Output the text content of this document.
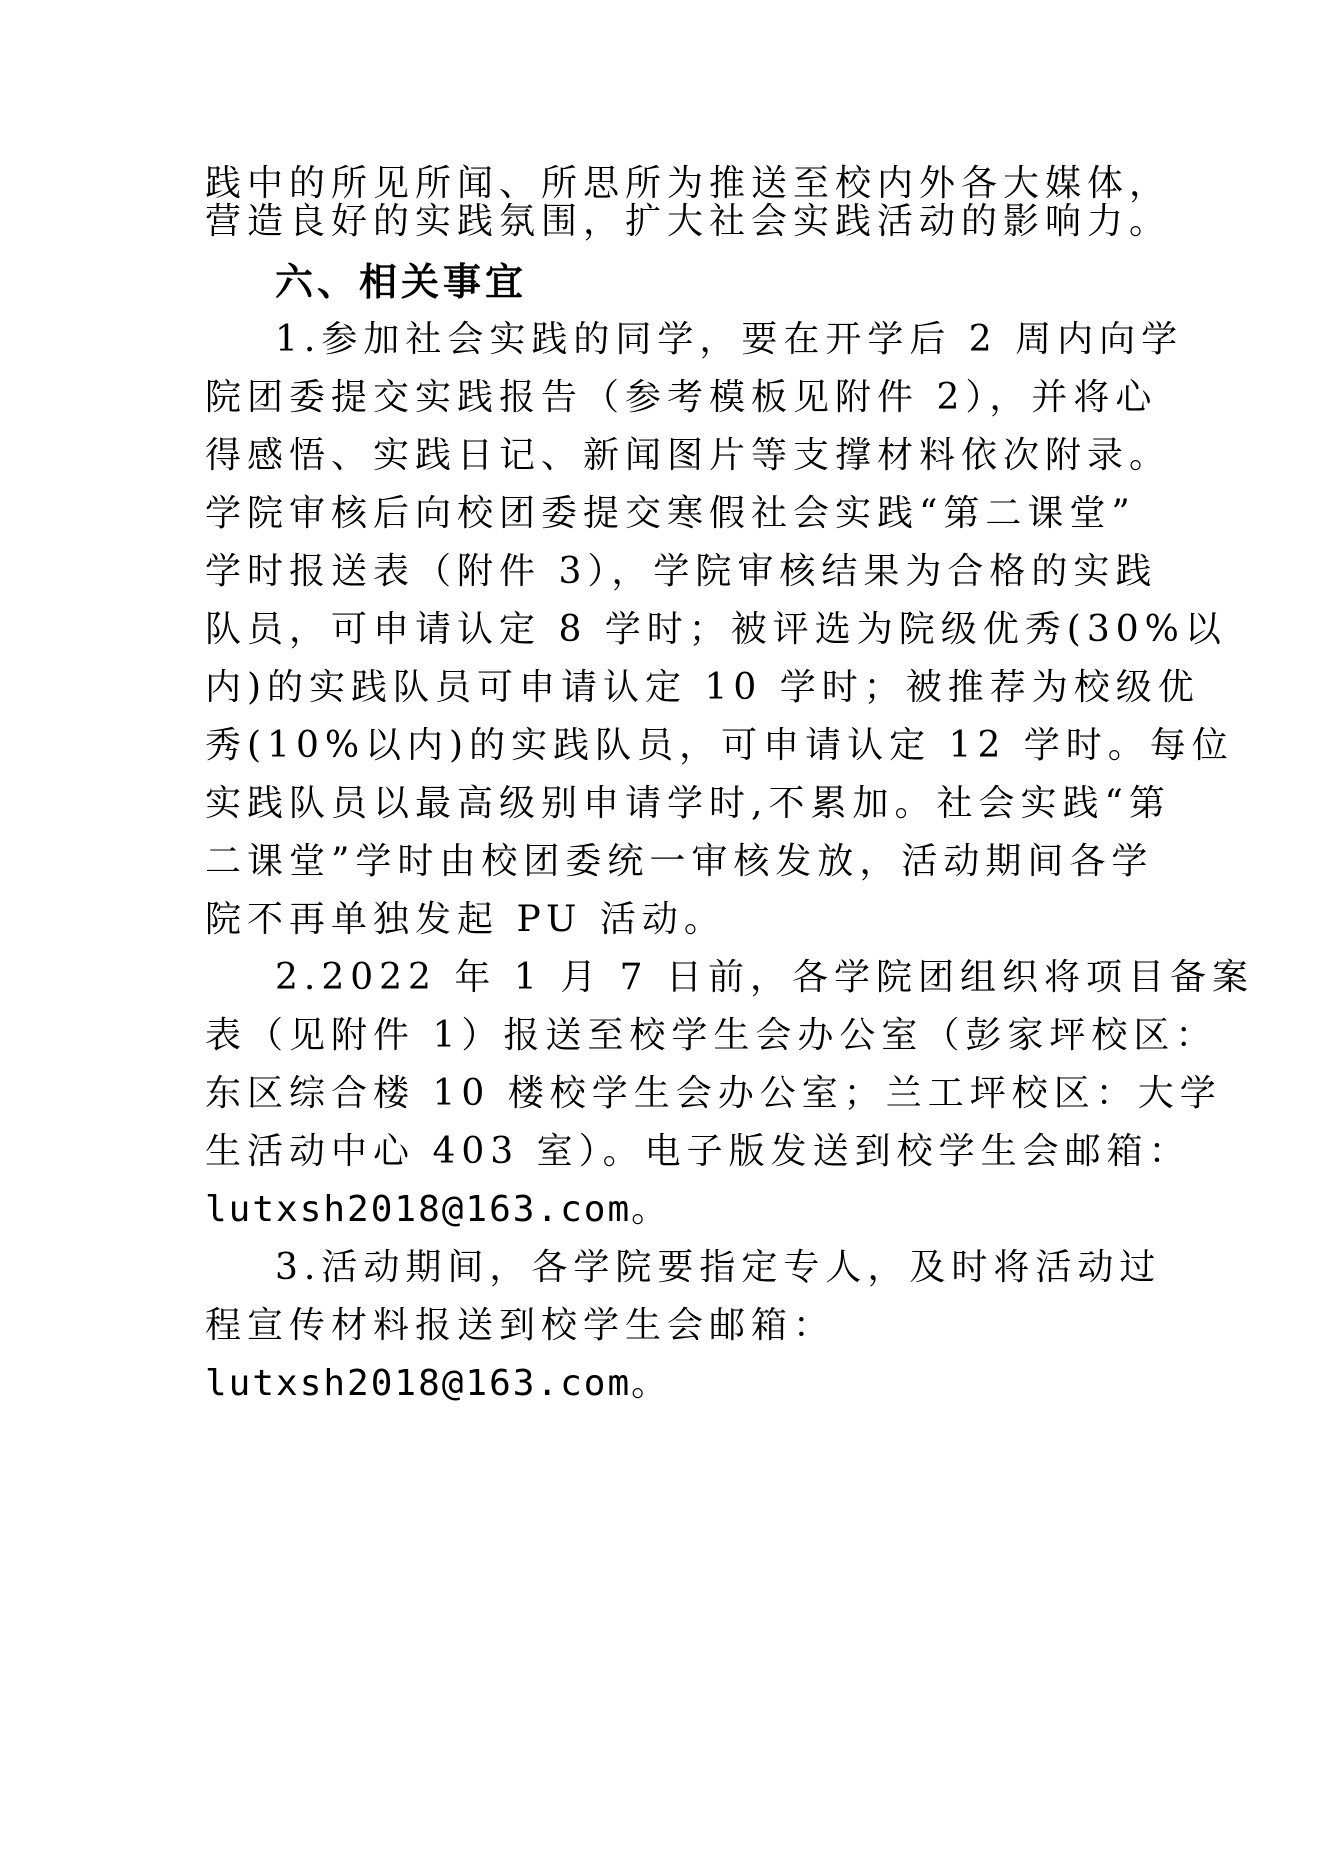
践中的所见所闻、所思所为推送至校内外各大媒体，
营造良好的实践氛围，扩大社会实践活动的影响力。
六、相关事宜
1.参加社会实践的同学，要在开学后 2 周内向学
院团委提交实践报告（参考模板见附件 2），并将心
得感悟、实践日记、新闻图片等支撑材料依次附录。
学院审核后向校团委提交寒假社会实践“第二课堂”
学时报送表（附件 3），学院审核结果为合格的实践
队员，可申请认定 8 学时；被评选为院级优秀(30%以
内)的实践队员可申请认定 10 学时；被推荐为校级优
秀(10%以内)的实践队员，可申请认定 12 学时。每位
实践队员以最高级别申请学时,不累加。社会实践“第
二课堂”学时由校团委统一审核发放，活动期间各学
院不再单独发起 PU 活动。
2.2022 年 1 月 7 日前，各学院团组织将项目备案
表（见附件 1）报送至校学生会办公室（彭家坪校区：
东区综合楼 10 楼校学生会办公室；兰工坪校区：大学
生活动中心 403 室）。电子版发送到校学生会邮箱：
lutxsh2018@163.com。
3.活动期间，各学院要指定专人，及时将活动过
程宣传材料报送到校学生会邮箱：
lutxsh2018@163.com。
